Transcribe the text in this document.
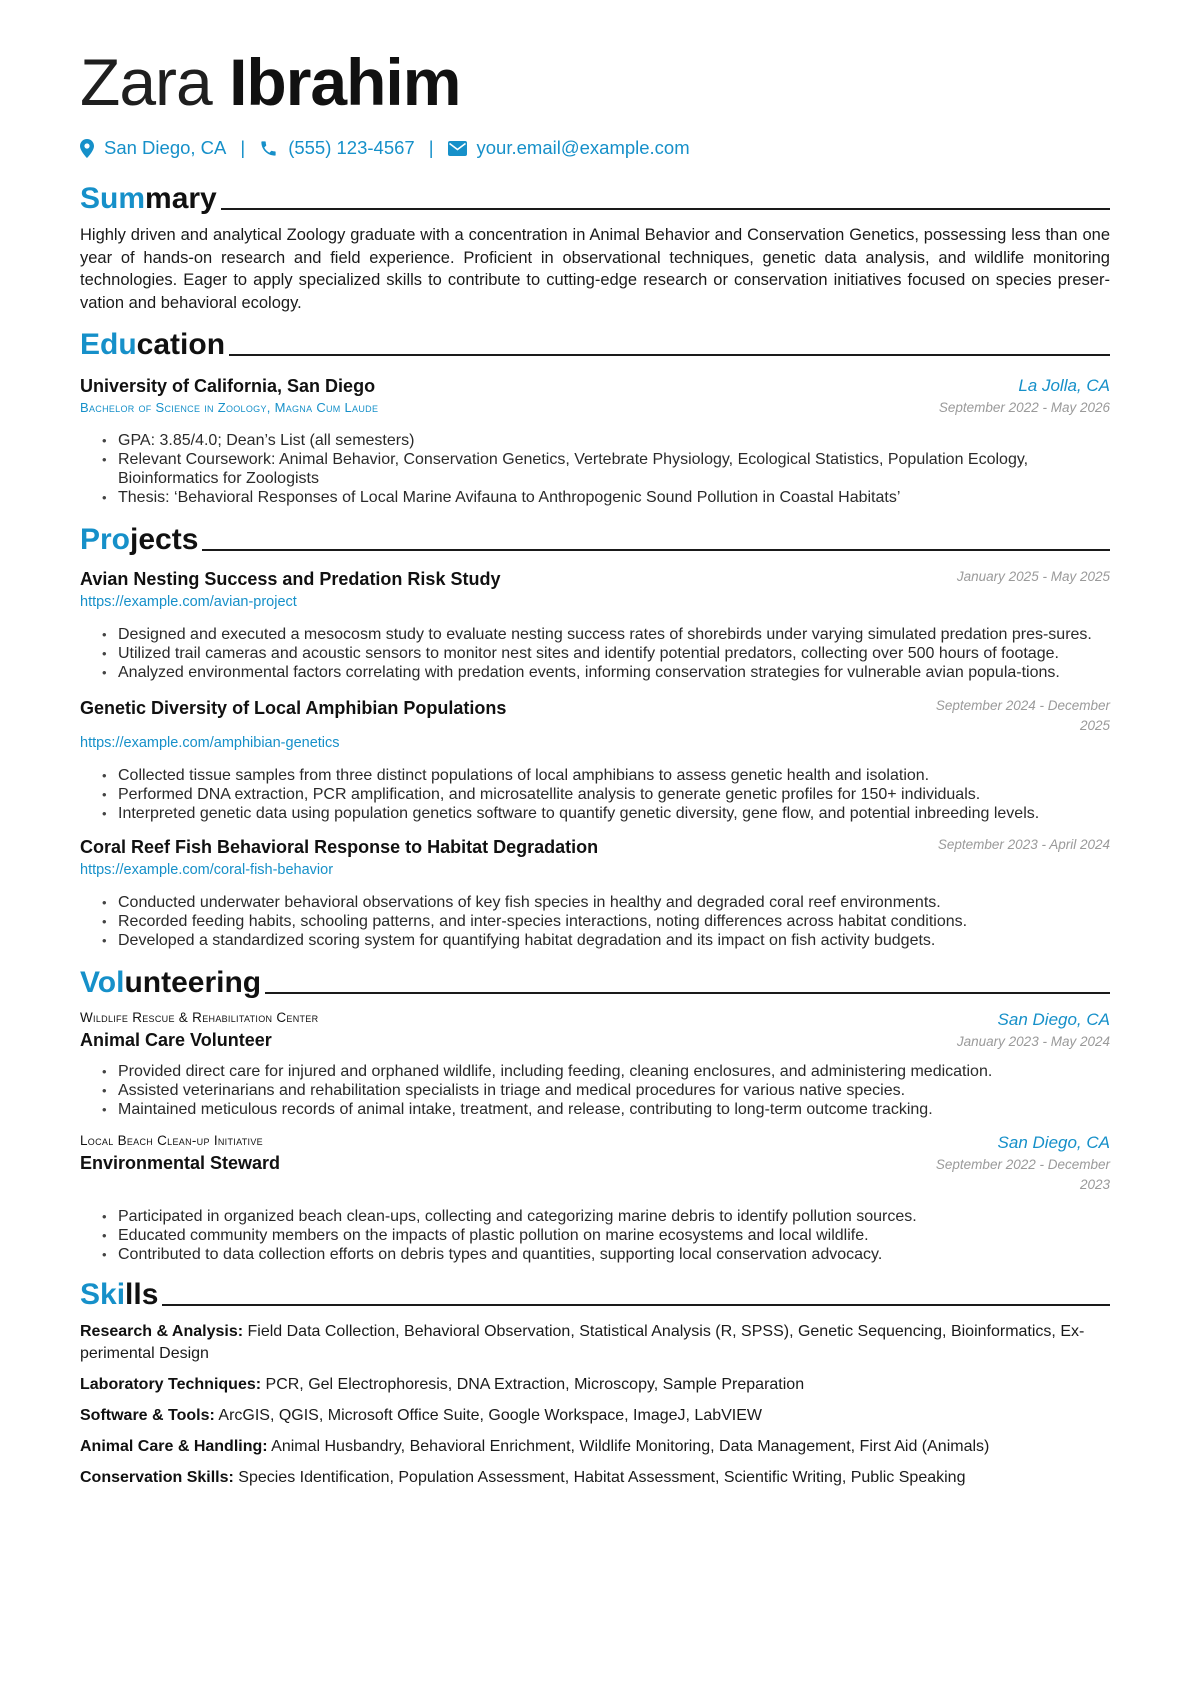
Zara Ibrahim
San Diego, CA | (555) 123-4567 | your.email@example.com
Summary

Highly driven and analytical Zoology graduate with a concentration in Animal Behavior and Conservation Genetics, possessing less than one year of hands-on research and field experience. Proficient in observational techniques, genetic data analysis, and wildlife monitoring technologies. Eager to apply specialized skills to contribute to cutting-edge research or conservation initiatives focused on species preser-vation and behavioral ecology.

Education
University of California, San Diego
Bachelor of Science in Zoology, Magna Cum Laude
La Jolla, CA
September 2022 - May 2026
• GPA: 3.85/4.0; Dean’s List (all semesters)
• Relevant Coursework: Animal Behavior, Conservation Genetics, Vertebrate Physiology, Ecological Statistics, Population Ecology, Bioinformatics for Zoologists
• Thesis: ‘Behavioral Responses of Local Marine Avifauna to Anthropogenic Sound Pollution in Coastal Habitats’
Projects
Avian Nesting Success and Predation Risk Study	January 2025 - May 2025
https://example.com/avian-project
• Designed and executed a mesocosm study to evaluate nesting success rates of shorebirds under varying simulated predation pres-sures.
• Utilized trail cameras and acoustic sensors to monitor nest sites and identify potential predators, collecting over 500 hours of footage.
• Analyzed environmental factors correlating with predation events, informing conservation strategies for vulnerable avian popula-tions.
Genetic Diversity of Local Amphibian Populations	September 2024 - December 2025
https://example.com/amphibian-genetics
• Collected tissue samples from three distinct populations of local amphibians to assess genetic health and isolation.
• Performed DNA extraction, PCR amplification, and microsatellite analysis to generate genetic profiles for 150+ individuals.
• Interpreted genetic data using population genetics software to quantify genetic diversity, gene flow, and potential inbreeding levels.
Coral Reef Fish Behavioral Response to Habitat Degradation	September 2023 - April 2024
https://example.com/coral-fish-behavior
• Conducted underwater behavioral observations of key fish species in healthy and degraded coral reef environments.
• Recorded feeding habits, schooling patterns, and inter-species interactions, noting differences across habitat conditions.
• Developed a standardized scoring system for quantifying habitat degradation and its impact on fish activity budgets.
Volunteering
Wildlife Rescue & Rehabilitation Center
Animal Care Volunteer
San Diego, CA
January 2023 - May 2024
• Provided direct care for injured and orphaned wildlife, including feeding, cleaning enclosures, and administering medication.
• Assisted veterinarians and rehabilitation specialists in triage and medical procedures for various native species.
• Maintained meticulous records of animal intake, treatment, and release, contributing to long-term outcome tracking.
Local Beach Clean-up Initiative
Environmental Steward
San Diego, CA
September 2022 - December 2023
• Participated in organized beach clean-ups, collecting and categorizing marine debris to identify pollution sources.
• Educated community members on the impacts of plastic pollution on marine ecosystems and local wildlife.
• Contributed to data collection efforts on debris types and quantities, supporting local conservation advocacy.
Skills
Research & Analysis: Field Data Collection, Behavioral Observation, Statistical Analysis (R, SPSS), Genetic Sequencing, Bioinformatics, Ex-perimental Design
Laboratory Techniques: PCR, Gel Electrophoresis, DNA Extraction, Microscopy, Sample Preparation
Software & Tools: ArcGIS, QGIS, Microsoft Office Suite, Google Workspace, ImageJ, LabVIEW
Animal Care & Handling: Animal Husbandry, Behavioral Enrichment, Wildlife Monitoring, Data Management, First Aid (Animals)
Conservation Skills: Species Identification, Population Assessment, Habitat Assessment, Scientific Writing, Public Speaking
